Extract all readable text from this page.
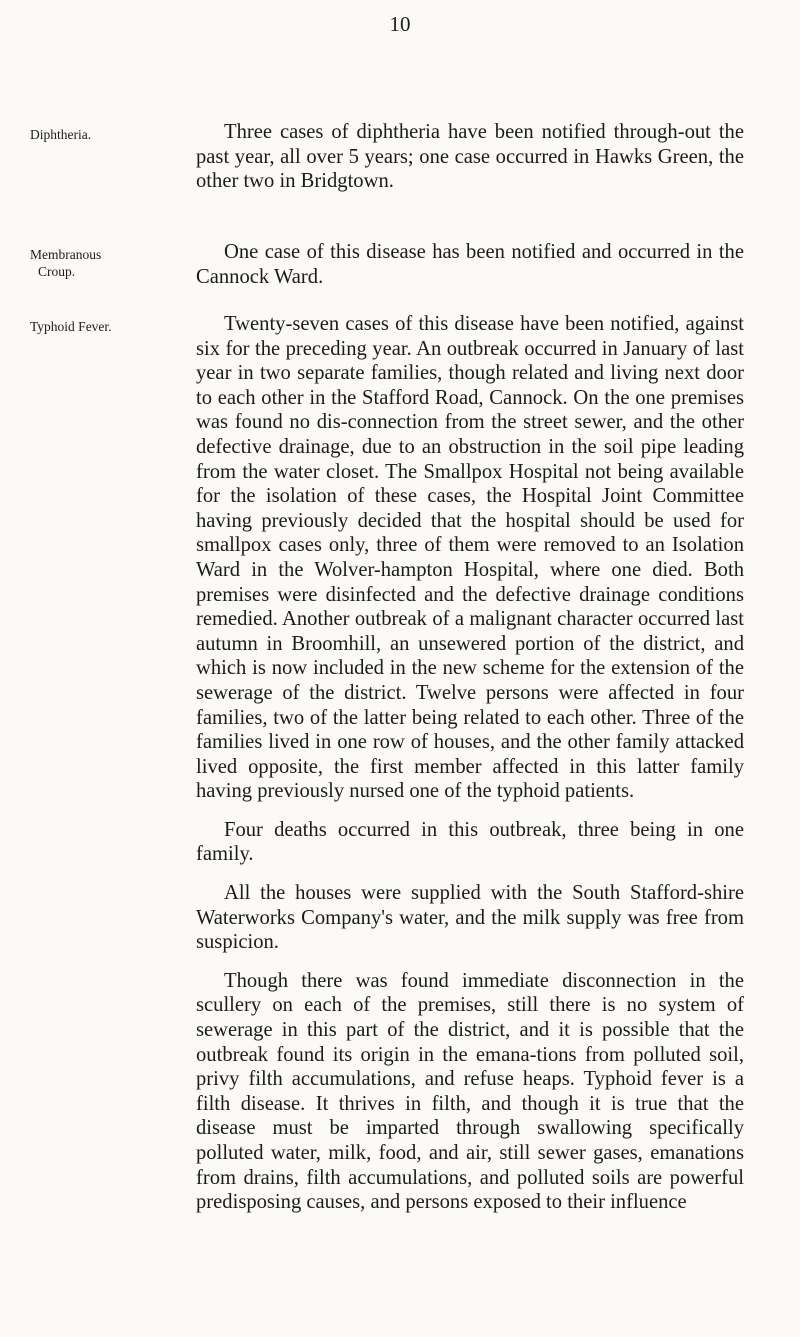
10
Diphtheria.	Three cases of diphtheria have been notified through-out the past year, all over 5 years; one case occurred in Hawks Green, the other two in Bridgtown.

Membranous
Croup.

One case of this disease has been notified and occurred in the Cannock Ward.

Typhoid Fever.	Twenty-seven cases of this disease have been notified, against six for the preceding year. An outbreak occurred in January of last year in two separate families, though related and living next door to each other in the Stafford Road, Cannock. On the one premises was found no dis-connection from the street sewer, and the other defective drainage, due to an obstruction in the soil pipe leading from the water closet. The Smallpox Hospital not being available for the isolation of these cases, the Hospital Joint Committee having previously decided that the hospital should be used for smallpox cases only, three of them were removed to an Isolation Ward in the Wolver-hampton Hospital, where one died. Both premises were disinfected and the defective drainage conditions remedied. Another outbreak of a malignant character occurred last autumn in Broomhill, an unsewered portion of the district, and which is now included in the new scheme for the extension of the sewerage of the district. Twelve persons were affected in four families, two of the latter being related to each other. Three of the families lived in one row of houses, and the other family attacked lived opposite, the first member affected in this latter family having previously nursed one of the typhoid patients.

Four deaths occurred in this outbreak, three being in one family.

All the houses were supplied with the South Stafford-shire Waterworks Company's water, and the milk supply was free from suspicion.

Though there was found immediate disconnection in the scullery on each of the premises, still there is no system of sewerage in this part of the district, and it is possible that the outbreak found its origin in the emana-tions from polluted soil, privy filth accumulations, and refuse heaps. Typhoid fever is a filth disease. It thrives in filth, and though it is true that the disease must be imparted through swallowing specifically polluted water, milk, food, and air, still sewer gases, emanations from drains, filth accumulations, and polluted soils are powerful predisposing causes, and persons exposed to their influence
